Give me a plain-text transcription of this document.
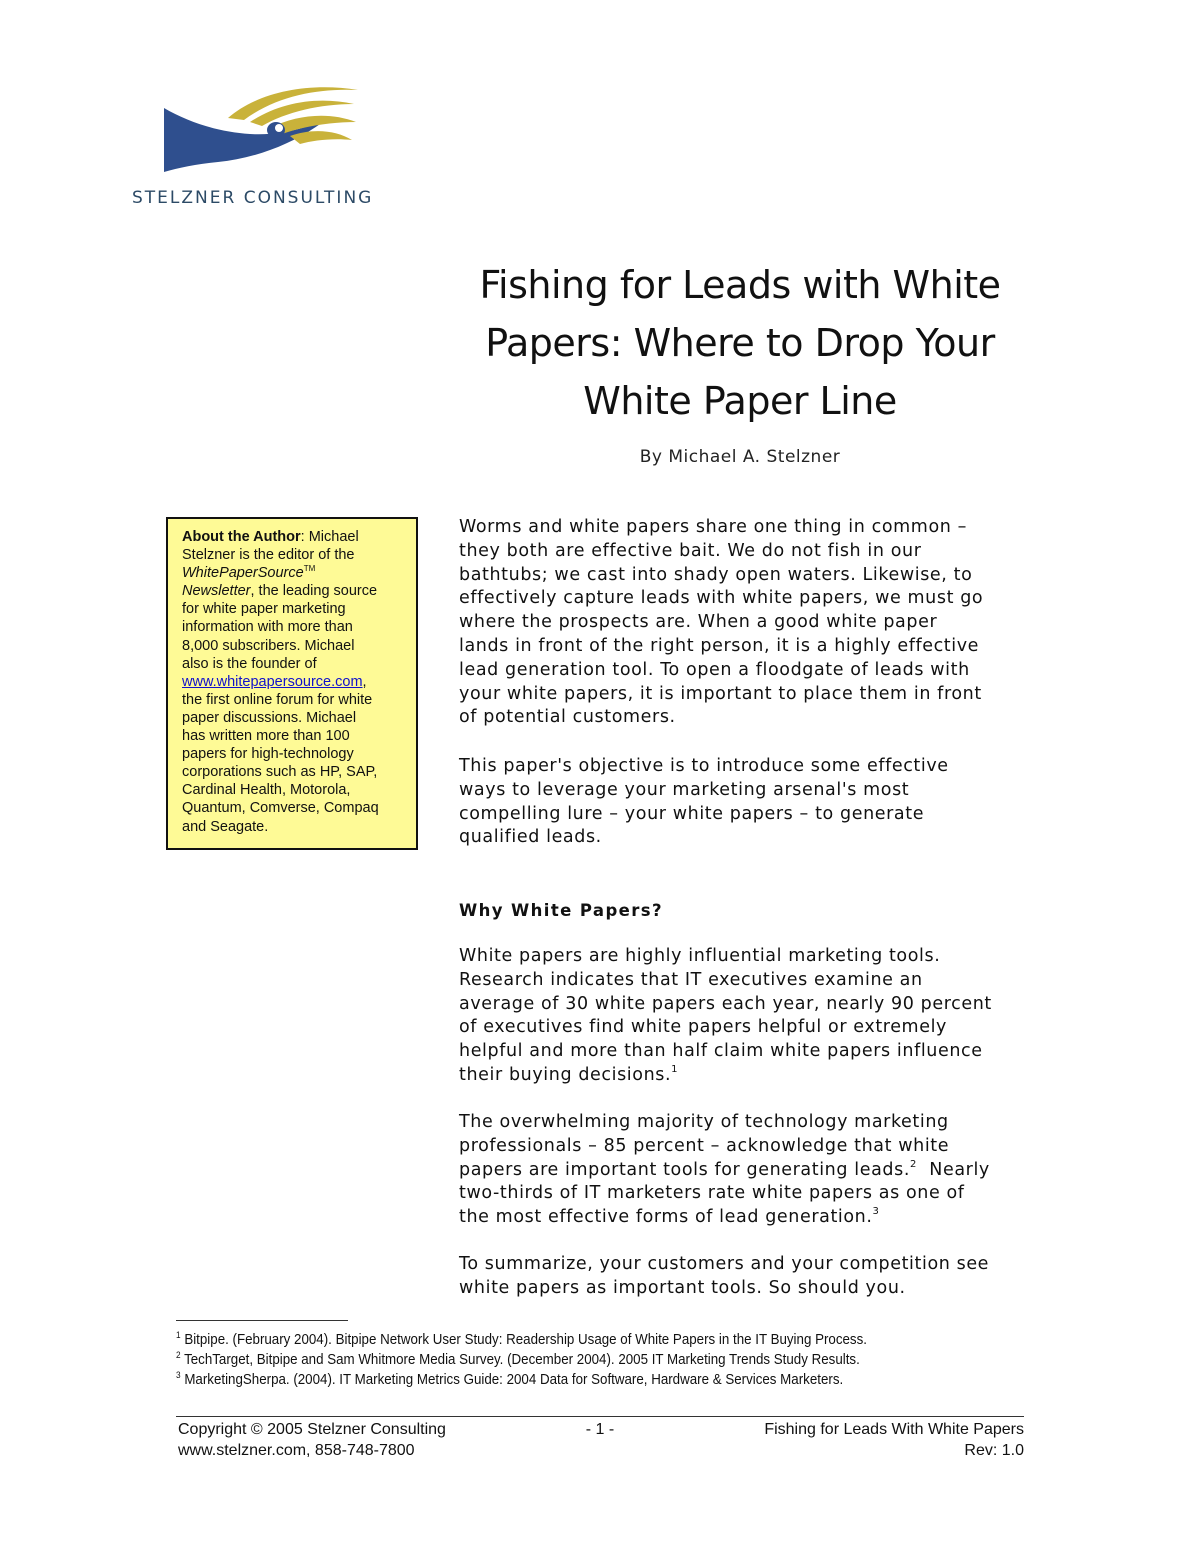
STELZNER CONSULTING
Fishing for Leads with White
Papers: Where to Drop Your
White Paper Line
By Michael A. Stelzner
About the Author: Michael
Stelzner is the editor of the
WhitePaperSource™
Newsletter, the leading source
for white paper marketing
information with more than
8,000 subscribers. Michael
also is the founder of
www.whitepapersource.com,
the first online forum for white
paper discussions. Michael
has written more than 100
papers for high-technology
corporations such as HP, SAP,
Cardinal Health, Motorola,
Quantum, Comverse, Compaq
and Seagate.

Worms and white papers share one thing in common –

they both are effective bait. We do not fish in our

bathtubs; we cast into shady open waters. Likewise, to

effectively capture leads with white papers, we must go

where the prospects are. When a good white paper

lands in front of the right person, it is a highly effective

lead generation tool. To open a floodgate of leads with

your white papers, it is important to place them in front

of potential customers.

This paper's objective is to introduce some effective

ways to leverage your marketing arsenal's most

compelling lure – your white papers – to generate

qualified leads.

Why White Papers?

White papers are highly influential marketing tools.

Research indicates that IT executives examine an

average of 30 white papers each year, nearly 90 percent

of executives find white papers helpful or extremely

helpful and more than half claim white papers influence

their buying decisions.$^1$

The overwhelming majority of technology marketing

professionals – 85 percent – acknowledge that white

papers are important tools for generating leads.$^2$  Nearly

two-thirds of IT marketers rate white papers as one of

the most effective forms of lead generation.$^3$

To summarize, your customers and your competition see

white papers as important tools. So should you.

$^1$ Bitpipe. (February 2004). Bitpipe Network User Study: Readership Usage of White Papers in the IT Buying Process.
$^2$ TechTarget, Bitpipe and Sam Whitmore Media Survey. (December 2004). 2005 IT Marketing Trends Study Results.
$^3$ MarketingSherpa. (2004). IT Marketing Metrics Guide: 2004 Data for Software, Hardware & Services Marketers.
Copyright © 2005 Stelzner Consulting
www.stelzner.com, 858-748-7800
- 1 -	Fishing for Leads With White Papers
Rev: 1.0
